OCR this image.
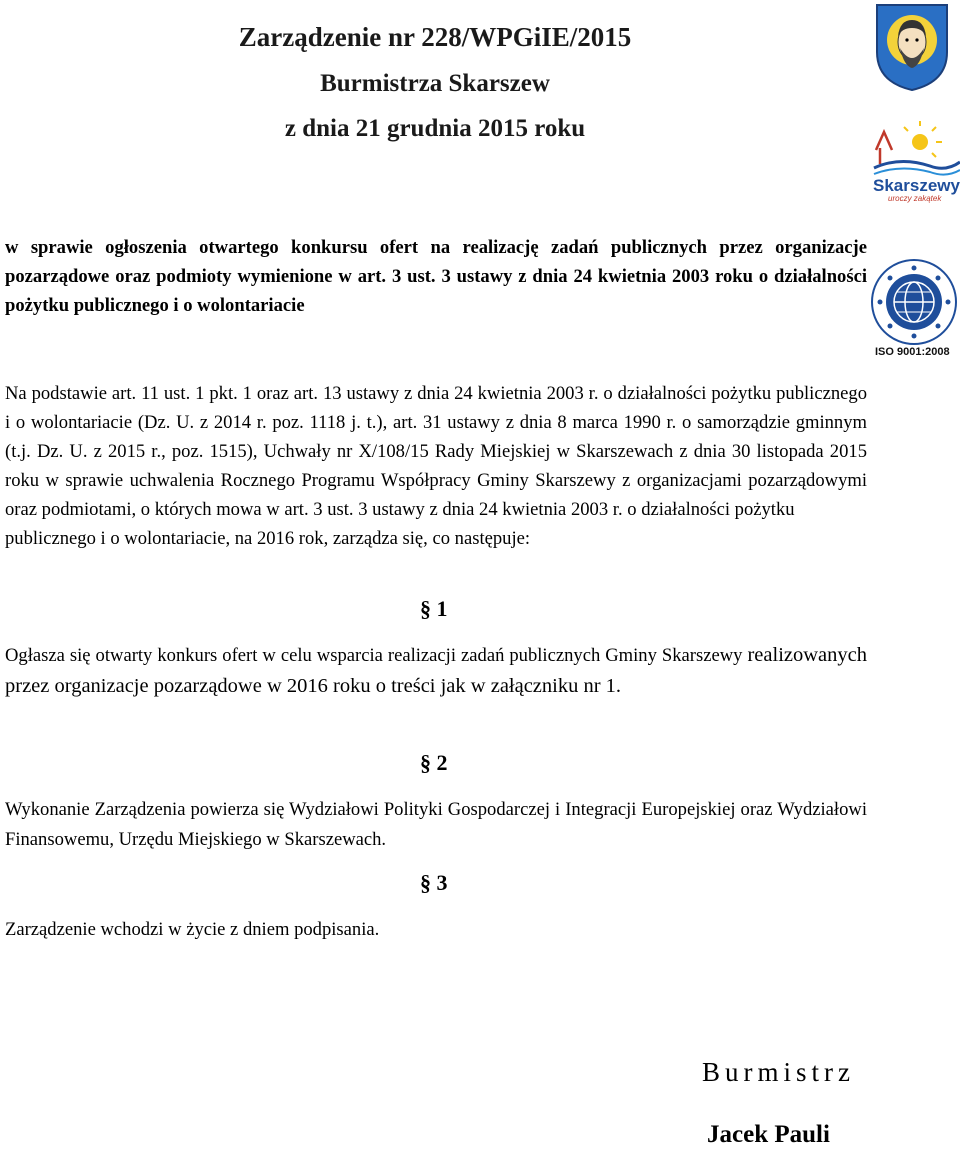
Zarządzenie nr 228/WPGiIE/2015
Burmistrza Skarszew
z dnia 21 grudnia 2015 roku
Skarszewy
uroczy zakątek
ISO 9001:2008
w sprawie ogłoszenia otwartego konkursu ofert na realizację zadań publicznych przez organizacje pozarządowe oraz podmioty wymienione w art. 3 ust. 3 ustawy z dnia 24 kwietnia 2003 roku o działalności pożytku publicznego i o wolontariacie
Na podstawie art. 11 ust. 1 pkt. 1 oraz art. 13 ustawy z dnia 24 kwietnia 2003 r. o działalności pożytku publicznego i o wolontariacie (Dz. U. z 2014 r. poz. 1118 j. t.), art. 31 ustawy z dnia 8 marca 1990 r. o samorządzie gminnym (t.j. Dz. U. z 2015 r., poz. 1515), Uchwały nr X/108/15 Rady Miejskiej w Skarszewach z dnia 30 listopada 2015 roku w sprawie uchwalenia Rocznego Programu Współpracy Gminy Skarszewy z organizacjami pozarządowymi oraz podmiotami, o których mowa w art. 3 ust. 3 ustawy z dnia 24 kwietnia 2003 r. o działalności pożytku
publicznego i o wolontariacie, na 2016 rok, zarządza się, co następuje:
§ 1
Ogłasza się otwarty konkurs ofert w celu wsparcia realizacji zadań publicznych Gminy Skarszewy realizowanych przez organizacje pozarządowe w 2016 roku o treści jak w załączniku nr 1.
§ 2
Wykonanie Zarządzenia powierza się Wydziałowi Polityki Gospodarczej i Integracji Europejskiej oraz Wydziałowi Finansowemu, Urzędu Miejskiego w Skarszewach.
§ 3
Zarządzenie wchodzi w życie z dniem podpisania.
Burmistrz
Jacek Pauli
